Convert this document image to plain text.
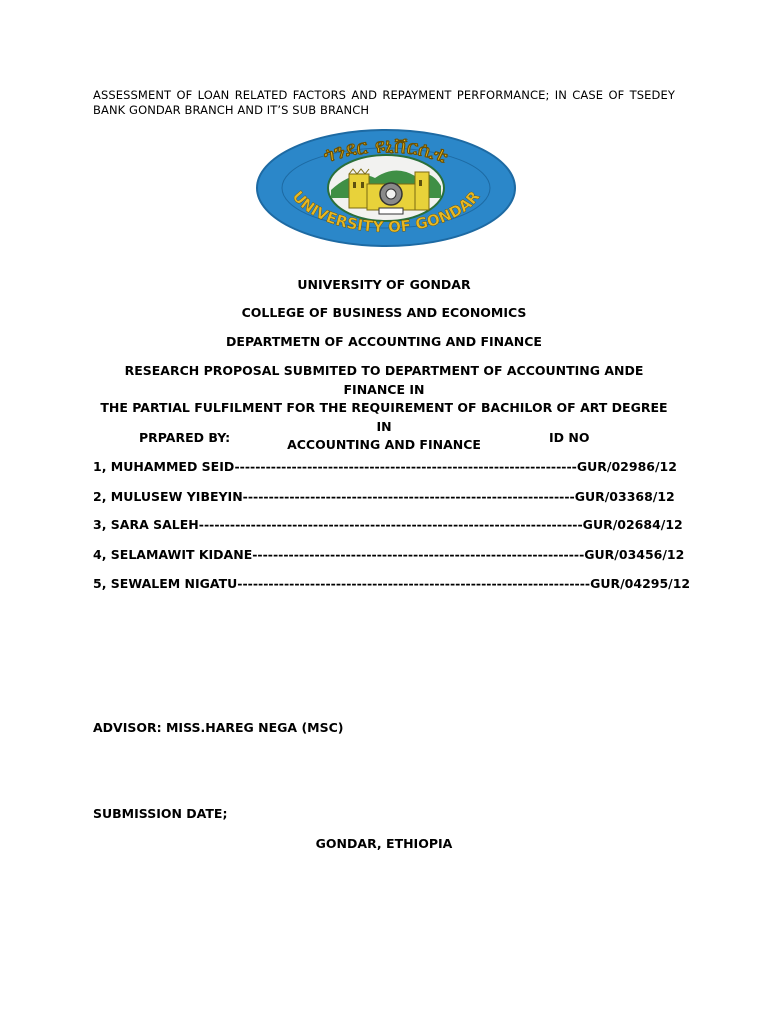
ASSESSMENT OF LOAN RELATED FACTORS AND REPAYMENT PERFORMANCE; IN CASE OF TSEDEY BANK GONDAR BRANCH AND IT’S SUB BRANCH
ጎንደር ዩኒቨርሲቲ
UNIVERSITY OF GONDAR
UNIVERSITY OF GONDAR
COLLEGE OF BUSINESS AND ECONOMICS
DEPARTMETN OF ACCOUNTING AND FINANCE
RESEARCH PROPOSAL SUBMITED TO DEPARTMENT OF ACCOUNTING ANDE FINANCE IN
THE PARTIAL FULFILMENT FOR THE REQUIREMENT OF BACHILOR OF ART DEGREE IN
ACCOUNTING AND FINANCE
PRPARED BY:	ID NO
1, MUHAMMED SEID------------------------------------------------------------------GUR/02986/12
2, MULUSEW YIBEYIN----------------------------------------------------------------GUR/03368/12
3, SARA SALEH--------------------------------------------------------------------------GUR/02684/12
4, SELAMAWIT KIDANE----------------------------------------------------------------GUR/03456/12
5, SEWALEM NIGATU--------------------------------------------------------------------GUR/04295/12
ADVISOR: MISS.HAREG NEGA (MSC)
SUBMISSION DATE;
GONDAR, ETHIOPIA
